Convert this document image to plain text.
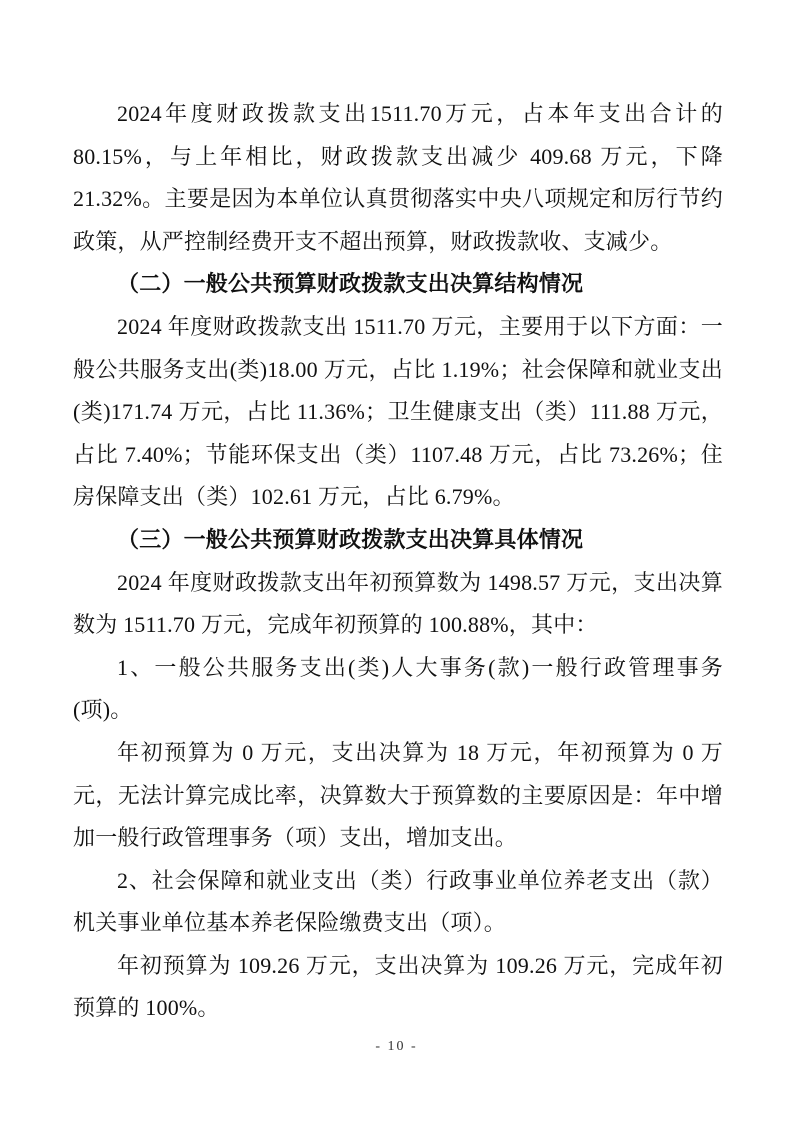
2024年度财政拨款支出1511.70万元，占本年支出合计的80.15%，与上年相比，财政拨款支出减少 409.68 万元，下降 21.32%。主要是因为本单位认真贯彻落实中央八项规定和厉行节约政策，从严控制经费开支不超出预算，财政拨款收、支减少。

（二）一般公共预算财政拨款支出决算结构情况

2024 年度财政拨款支出 1511.70 万元，主要用于以下方面：一般公共服务支出(类)18.00 万元，占比 1.19%；社会保障和就业支出(类)171.74 万元，占比 11.36%；卫生健康支出（类）111.88 万元，占比 7.40%；节能环保支出（类）1107.48 万元，占比 73.26%；住房保障支出（类）102.61 万元，占比 6.79%。

（三）一般公共预算财政拨款支出决算具体情况

2024 年度财政拨款支出年初预算数为 1498.57 万元，支出决算数为 1511.70 万元，完成年初预算的 100.88%，其中：

1、一般公共服务支出(类)人大事务(款)一般行政管理事务(项)。

年初预算为 0 万元，支出决算为 18 万元，年初预算为 0 万元，无法计算完成比率，决算数大于预算数的主要原因是：年中增加一般行政管理事务（项）支出，增加支出。

2、社会保障和就业支出（类）行政事业单位养老支出（款）机关事业单位基本养老保险缴费支出（项）。

年初预算为 109.26 万元，支出决算为 109.26 万元，完成年初预算的 100%。

- 10 -
